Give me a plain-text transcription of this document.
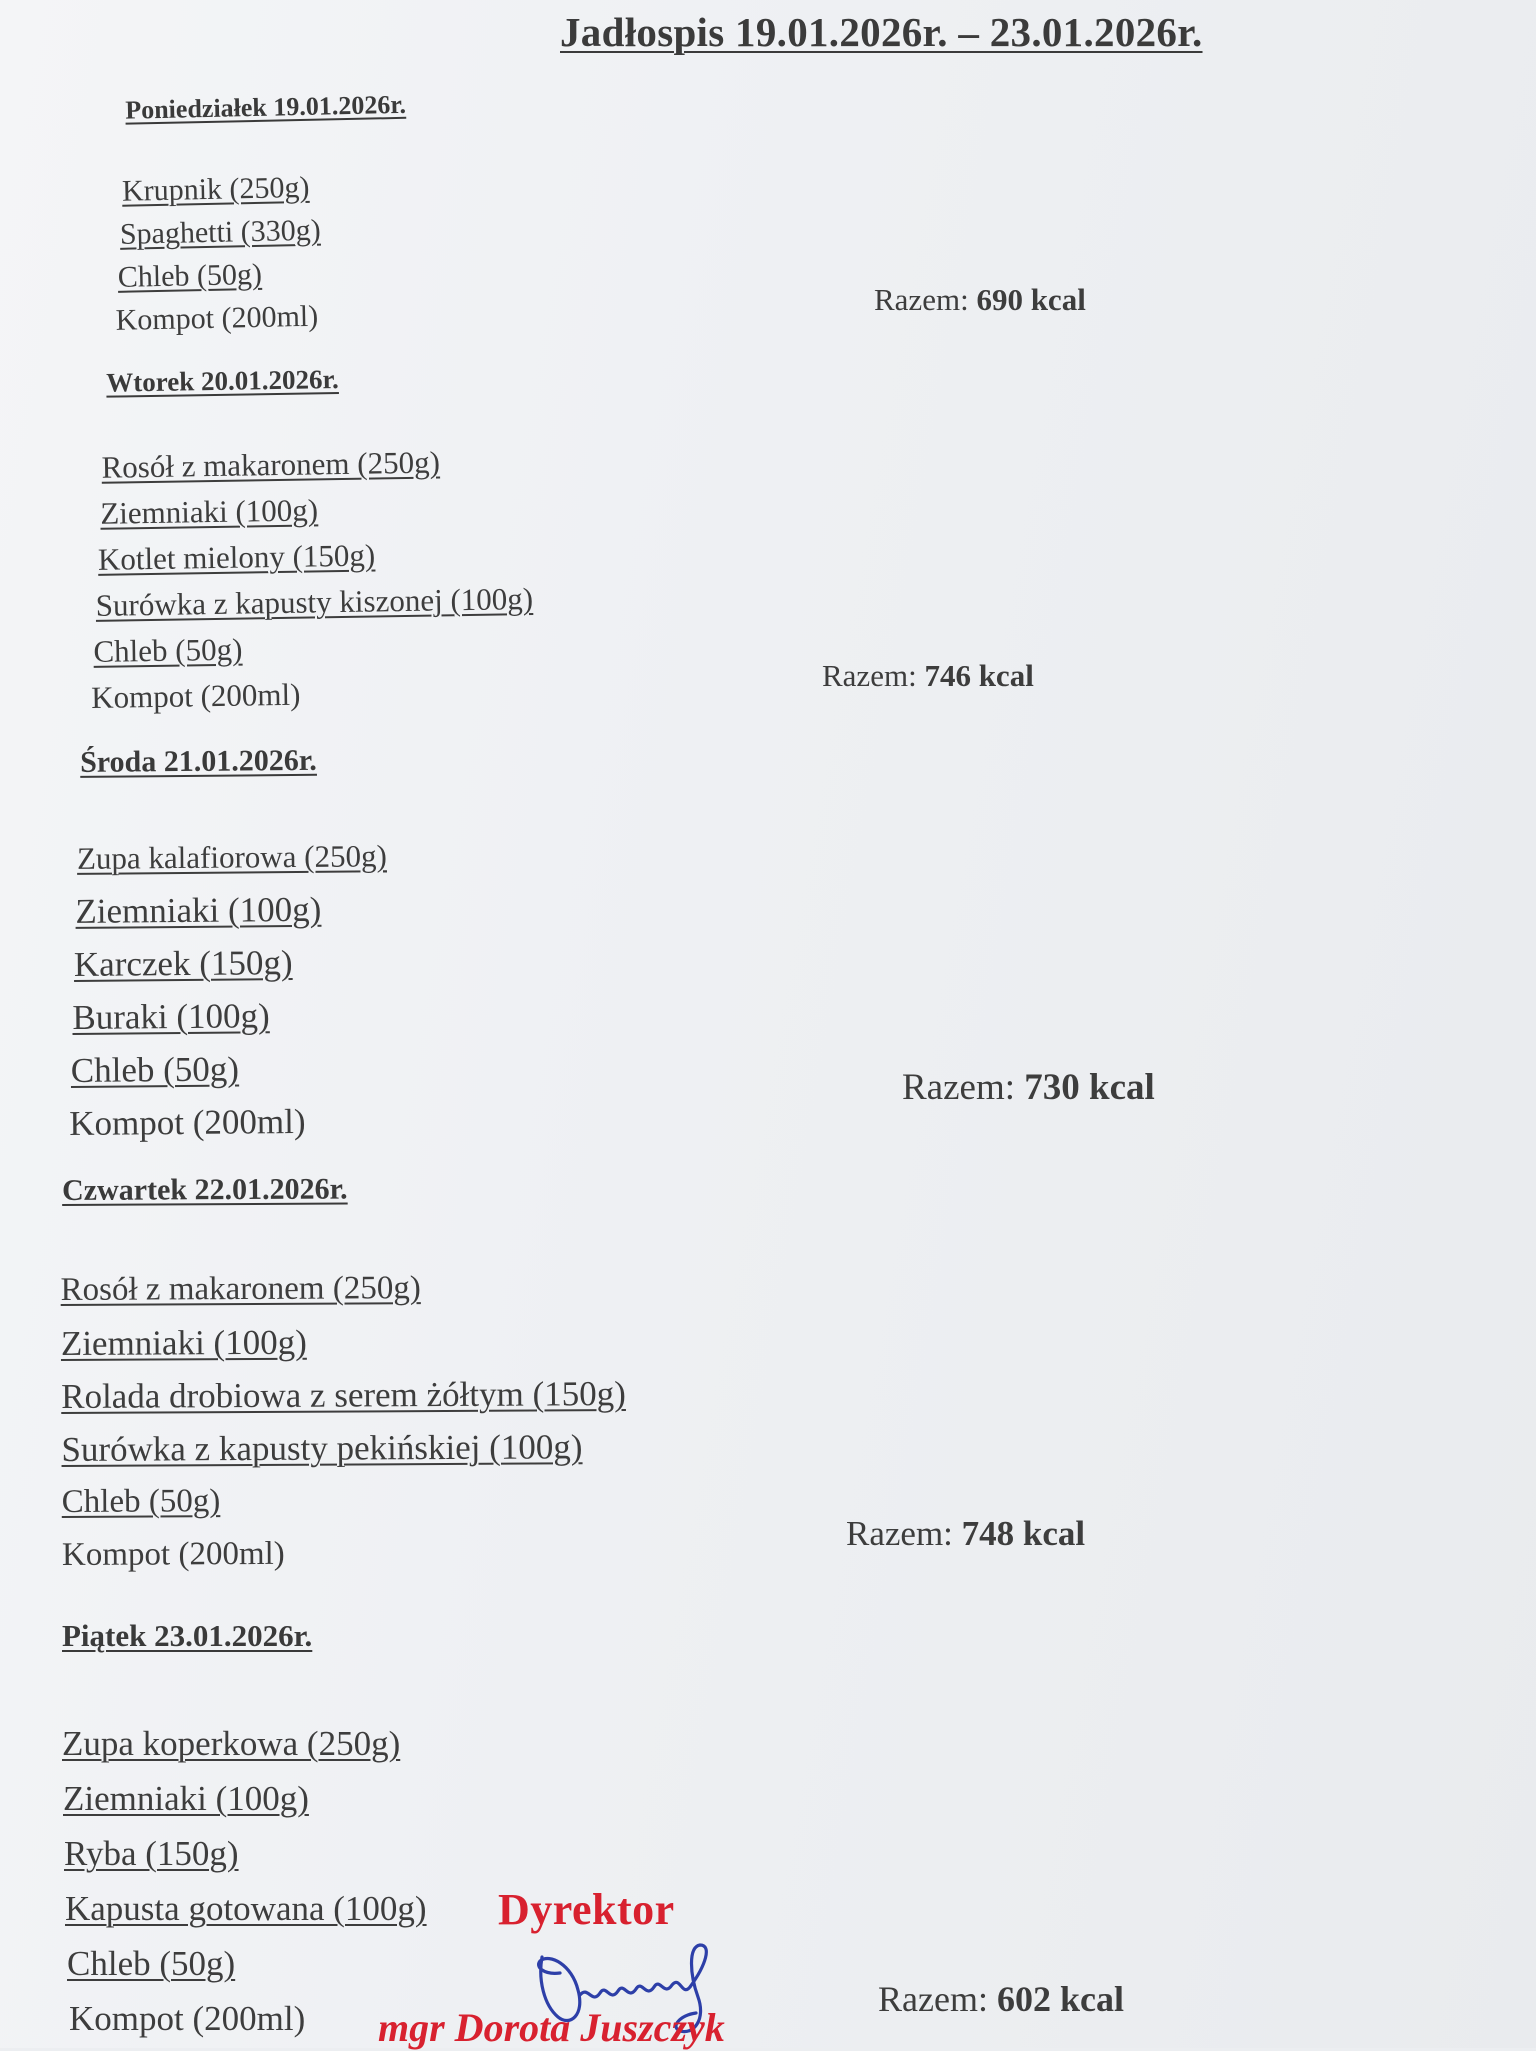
Jadłospis 19.01.2026r. – 23.01.2026r.
Poniedziałek 19.01.2026r.
Krupnik (250g)
Spaghetti (330g)
Chleb (50g)
Kompot (200ml)
Razem: 690 kcal
Wtorek 20.01.2026r.
Rosół z makaronem (250g)
Ziemniaki (100g)
Kotlet mielony (150g)
Surówka z kapusty kiszonej (100g)
Chleb (50g)
Kompot (200ml)
Razem: 746 kcal
Środa 21.01.2026r.
Zupa kalafiorowa (250g)
Ziemniaki (100g)
Karczek (150g)
Buraki (100g)
Chleb (50g)
Kompot (200ml)
Razem: 730 kcal
Czwartek 22.01.2026r.
Rosół z makaronem (250g)
Ziemniaki (100g)
Rolada drobiowa z serem żółtym (150g)
Surówka z kapusty pekińskiej (100g)
Chleb (50g)
Kompot (200ml)
Razem: 748 kcal
Piątek 23.01.2026r.
Zupa koperkowa (250g)
Ziemniaki (100g)
Ryba (150g)
Kapusta gotowana (100g)
Chleb (50g)
Kompot (200ml)	Razem: 602 kcal
Dyrektor
mgr Dorota Juszczyk
